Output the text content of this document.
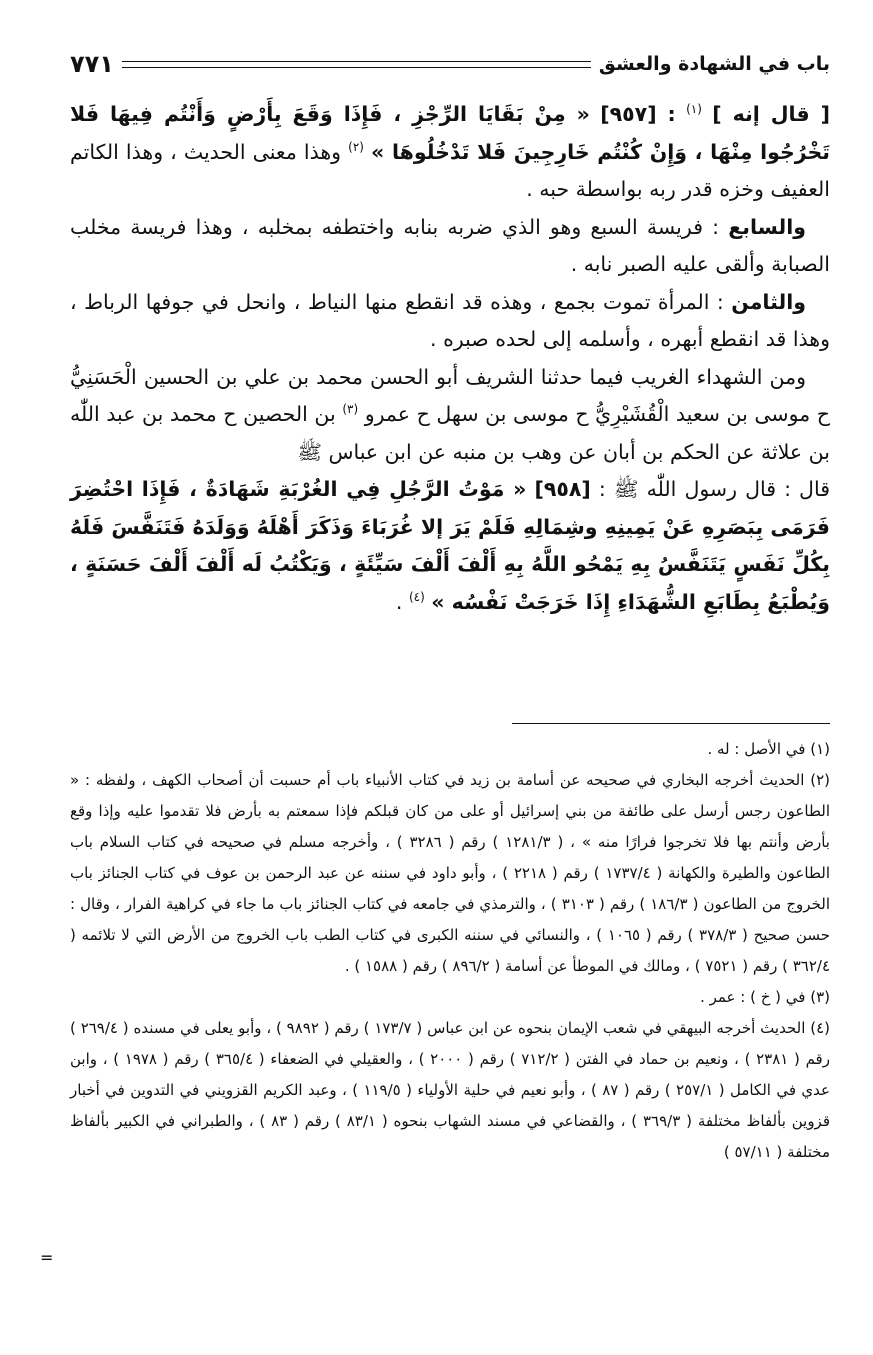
باب في الشهادة والعشق
٧٧١

[ قال إنه ] $^{(١)}$ : [٩٥٧] « مِنْ بَقَايَا الرِّجْزِ ، فَإِذَا وَقَعَ بِأَرْضٍ وَأَنْتُم فِيهَا فَلا تَخْرُجُوا مِنْهَا ، وَإِنْ كُنْتُم خَارِجِينَ فَلا تَدْخُلُوهَا » $^{(٢)}$ وهذا معنى الحديث ، وهذا الكاتم العفيف وخزه قدر ربه بواسطة حبه .

والسابع : فريسة السبع وهو الذي ضربه بنابه واختطفه بمخلبه ، وهذا فريسة مخلب الصبابة وألقى عليه الصبر نابه .

والثامن : المرأة تموت بجمع ، وهذه قد انقطع منها النياط ، وانحل في جوفها الرباط ، وهذا قد انقطع أبهره ، وأسلمه إلى لحده صبره .

ومن الشهداء الغريب فيما حدثنا الشريف أبو الحسن محمد بن علي بن الحسين الْحَسَنِيُّ ح موسى بن سعيد الْقُشَيْرِيُّ ح موسى بن سهل ح عمرو $^{(٣)}$ بن الحصين ح محمد بن عبد اللّٰه بن علاثة عن الحكم بن أبان عن وهب بن منبه عن ابن عباس ﷺ

قال : قال رسول اللّٰه ﷺ : [٩٥٨] « مَوْتُ الرَّجُلِ فِي الغُرْبَةِ شَهَادَةٌ ، فَإِذَا احْتُضِرَ فَرَمَى بِبَصَرِهِ عَنْ يَمِينِهِ وشِمَالِهِ فَلَمْ يَرَ إلا غُرَبَاءَ وَذَكَرَ أَهْلَهُ وَوَلَدَهُ فَتَنَفَّسَ فَلَهُ بِكُلِّ نَفَسٍ يَتَنَفَّسُ بِهِ يَمْحُو اللَّهُ بِهِ أَلْفَ أَلْفَ سَيِّئَةٍ ، وَيَكْتُبُ لَه أَلْفَ أَلْفَ حَسَنَةٍ ، وَيُطْبَعُ بِطَابَعِ الشُّهَدَاءِ إِذَا خَرَجَتْ نَفْسُه » $^{(٤)}$ .

(١) في الأصل : له .

(٢) الحديث أخرجه البخاري في صحيحه عن أسامة بن زيد في كتاب الأنبياء باب أم حسبت أن أصحاب الكهف ، ولفظه : « الطاعون رجس أرسل على طائفة من بني إسرائيل أو على من كان قبلكم فإذا سمعتم به بأرض فلا تقدموا عليه وإذا وقع بأرض وأنتم بها فلا تخرجوا فرارًا منه » ، ( ١٢٨١/٣ ) رقم ( ٣٢٨٦ ) ، وأخرجه مسلم في صحيحه في كتاب السلام باب الطاعون والطيرة والكهانة ( ١٧٣٧/٤ ) رقم ( ٢٢١٨ ) ، وأبو داود في سننه عن عبد الرحمن بن عوف في كتاب الجنائز باب الخروج من الطاعون ( ١٨٦/٣ ) رقم ( ٣١٠٣ ) ، والترمذي في جامعه في كتاب الجنائز باب ما جاء في كراهية الفرار ، وقال : حسن صحيح ( ٣٧٨/٣ ) رقم ( ١٠٦٥ ) ، والنسائي في سننه الكبرى في كتاب الطب باب الخروج من الأرض التي لا تلائمه ( ٣٦٢/٤ ) رقم ( ٧٥٢١ ) ، ومالك في الموطأ عن أسامة ( ٨٩٦/٢ ) رقم ( ١٥٨٨ ) .

(٣) في ( خ ) : عمر .

(٤) الحديث أخرجه البيهقي في شعب الإيمان بنحوه عن ابن عباس ( ١٧٣/٧ ) رقم ( ٩٨٩٢ ) ، وأبو يعلى في مسنده ( ٢٦٩/٤ ) رقم ( ٢٣٨١ ) ، ونعيم بن حماد في الفتن ( ٧١٢/٢ ) رقم ( ٢٠٠٠ ) ، والعقيلي في الضعفاء ( ٣٦٥/٤ ) رقم ( ١٩٧٨ ) ، وابن عدي في الكامل ( ٢٥٧/١ ) رقم ( ٨٧ ) ، وأبو نعيم في حلية الأولياء ( ١١٩/٥ ) ، وعبد الكريم القزويني في التدوين في أخبار قزوين بألفاظ مختلفة ( ٣٦٩/٣ ) ، والقضاعي في مسند الشهاب بنحوه ( ٨٣/١ ) رقم ( ٨٣ ) ، والطبراني في الكبير بألفاظ مختلفة ( ٥٧/١١ )

=
